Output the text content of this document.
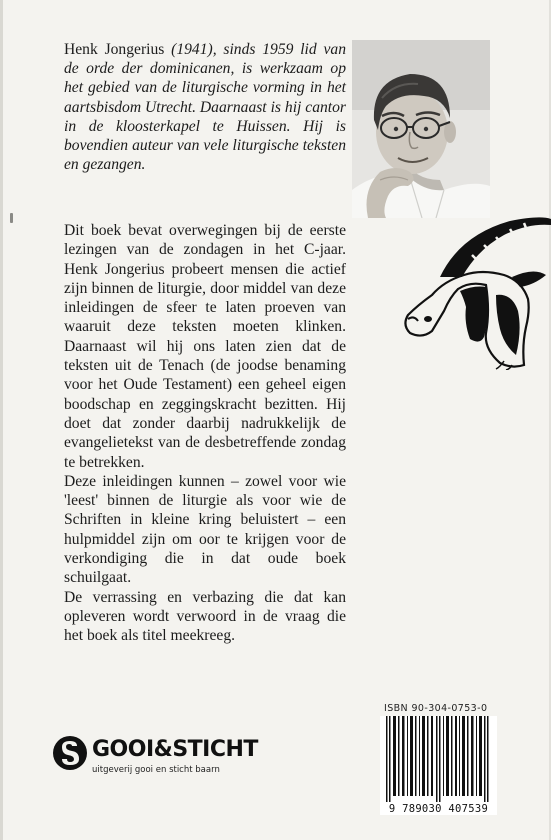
Henk Jongerius (1941), sinds 1959 lid van de orde der dominicanen, is werkzaam op het gebied van de liturgische vorming in het aartsbisdom Utrecht. Daarnaast is hij cantor in de kloosterkapel te Huissen. Hij is bovendien auteur van vele liturgische teksten en gezangen.

Dit boek bevat overwegingen bij de eerste lezingen van de zondagen in het C-jaar. Henk Jongerius probeert mensen die actief zijn binnen de liturgie, door middel van deze inleidingen de sfeer te laten proeven van waaruit deze teksten moeten klinken. Daarnaast wil hij ons laten zien dat de teksten uit de Tenach (de joodse benaming voor het Oude Testament) een geheel eigen boodschap en zeggingskracht bezitten. Hij doet dat zonder daarbij nadrukkelijk de evangelietekst van de desbetreffende zondag te betrekken.

Deze inleidingen kunnen – zowel voor wie 'leest' binnen de liturgie als voor wie de Schriften in kleine kring beluistert – een hulpmiddel zijn om oor te krijgen voor de verkondiging die in dat oude boek schuilgaat.

De verrassing en verbazing die dat kan opleveren wordt verwoord in de vraag die het boek als titel meekreeg.

ISBN 90-304-0753-0
9 789030 407539
GOOI&STICHT
uitgeverij gooi en sticht baarn
